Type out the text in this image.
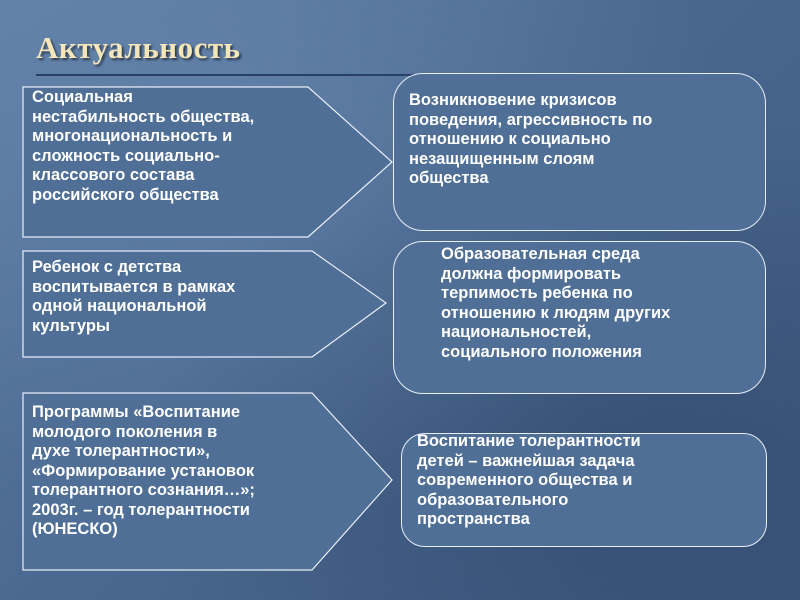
Актуальность
Социальная
нестабильность общества,
многонациональность и
сложность социально-
классового состава
российского общества
Ребенок с детства
воспитывается в рамках
одной национальной
культуры
Программы «Воспитание
молодого поколения в
духе толерантности»,
«Формирование установок
толерантного сознания…»;
2003г. – год толерантности
(ЮНЕСКО)
Возникновение кризисов
поведения, агрессивность по
отношению к социально
незащищенным слоям
общества
Образовательная среда
должна формировать
терпимость ребенка по
отношению к людям других
национальностей,
социального положения
Воспитание толерантности
детей – важнейшая задача
современного общества и
образовательного
пространства
